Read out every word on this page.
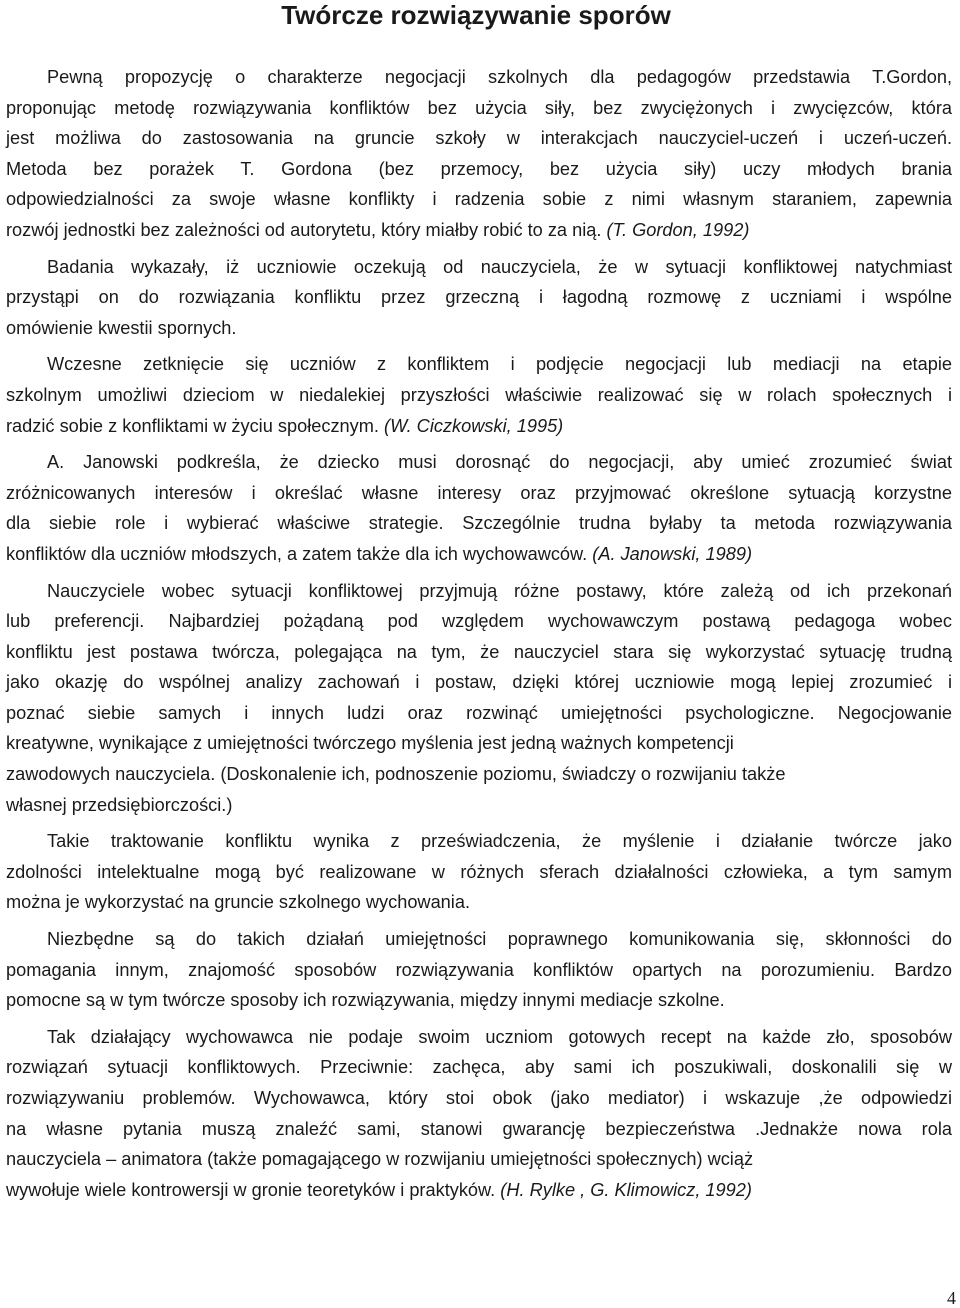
Twórcze rozwiązywanie sporów

Pewną propozycję o charakterze negocjacji szkolnych dla pedagogów przedstawia T.Gordon,
proponując metodę rozwiązywania konfliktów bez użycia siły, bez zwyciężonych i zwycięzców, która
jest możliwa do zastosowania na gruncie szkoły w interakcjach nauczyciel-uczeń i uczeń-uczeń.
Metoda bez porażek T. Gordona (bez przemocy, bez użycia siły) uczy młodych brania
odpowiedzialności za swoje własne konflikty i radzenia sobie z nimi własnym staraniem, zapewnia
rozwój jednostki bez zależności od autorytetu, który miałby robić to za nią. (T. Gordon, 1992)

Badania wykazały, iż uczniowie oczekują od nauczyciela, że w sytuacji konfliktowej natychmiast
przystąpi on do rozwiązania konfliktu przez grzeczną i łagodną rozmowę z uczniami i wspólne
omówienie kwestii spornych.

Wczesne zetknięcie się uczniów z konfliktem i podjęcie negocjacji lub mediacji na etapie
szkolnym umożliwi dzieciom w niedalekiej przyszłości właściwie realizować się w rolach społecznych i
radzić sobie z konfliktami w życiu społecznym. (W. Ciczkowski, 1995)

A. Janowski podkreśla, że dziecko musi dorosnąć do negocjacji, aby umieć zrozumieć świat
zróżnicowanych interesów i określać własne interesy oraz przyjmować określone sytuacją korzystne
dla siebie role i wybierać właściwe strategie. Szczególnie trudna byłaby ta metoda rozwiązywania
konfliktów dla uczniów młodszych, a zatem także dla ich wychowawców. (A. Janowski, 1989)

Nauczyciele wobec sytuacji konfliktowej przyjmują różne postawy, które zależą od ich przekonań
lub preferencji. Najbardziej pożądaną pod względem wychowawczym postawą pedagoga wobec
konfliktu jest postawa twórcza, polegająca na tym, że nauczyciel stara się wykorzystać sytuację trudną
jako okazję do wspólnej analizy zachowań i postaw, dzięki której uczniowie mogą lepiej zrozumieć i
poznać siebie samych i innych ludzi oraz rozwinąć umiejętności psychologiczne. Negocjowanie
kreatywne, wynikające z umiejętności twórczego myślenia jest jedną ważnych kompetencji
zawodowych nauczyciela. (Doskonalenie ich, podnoszenie poziomu, świadczy o rozwijaniu także
własnej przedsiębiorczości.)

Takie traktowanie konfliktu wynika z przeświadczenia, że myślenie i działanie twórcze jako
zdolności intelektualne mogą być realizowane w różnych sferach działalności człowieka, a tym samym
można je wykorzystać na gruncie szkolnego wychowania.

Niezbędne są do takich działań umiejętności poprawnego komunikowania się, skłonności do
pomagania innym, znajomość sposobów rozwiązywania konfliktów opartych na porozumieniu. Bardzo
pomocne są w tym twórcze sposoby ich rozwiązywania, między innymi mediacje szkolne.

Tak działający wychowawca nie podaje swoim uczniom gotowych recept na każde zło, sposobów
rozwiązań sytuacji konfliktowych. Przeciwnie: zachęca, aby sami ich poszukiwali, doskonalili się w
rozwiązywaniu problemów. Wychowawca, który stoi obok (jako mediator) i wskazuje ,że odpowiedzi
na własne pytania muszą znaleźć sami, stanowi gwarancję bezpieczeństwa .Jednakże nowa rola
nauczyciela – animatora (także pomagającego w rozwijaniu umiejętności społecznych) wciąż
wywołuje wiele kontrowersji w gronie teoretyków i praktyków. (H. Rylke , G. Klimowicz, 1992)

4
